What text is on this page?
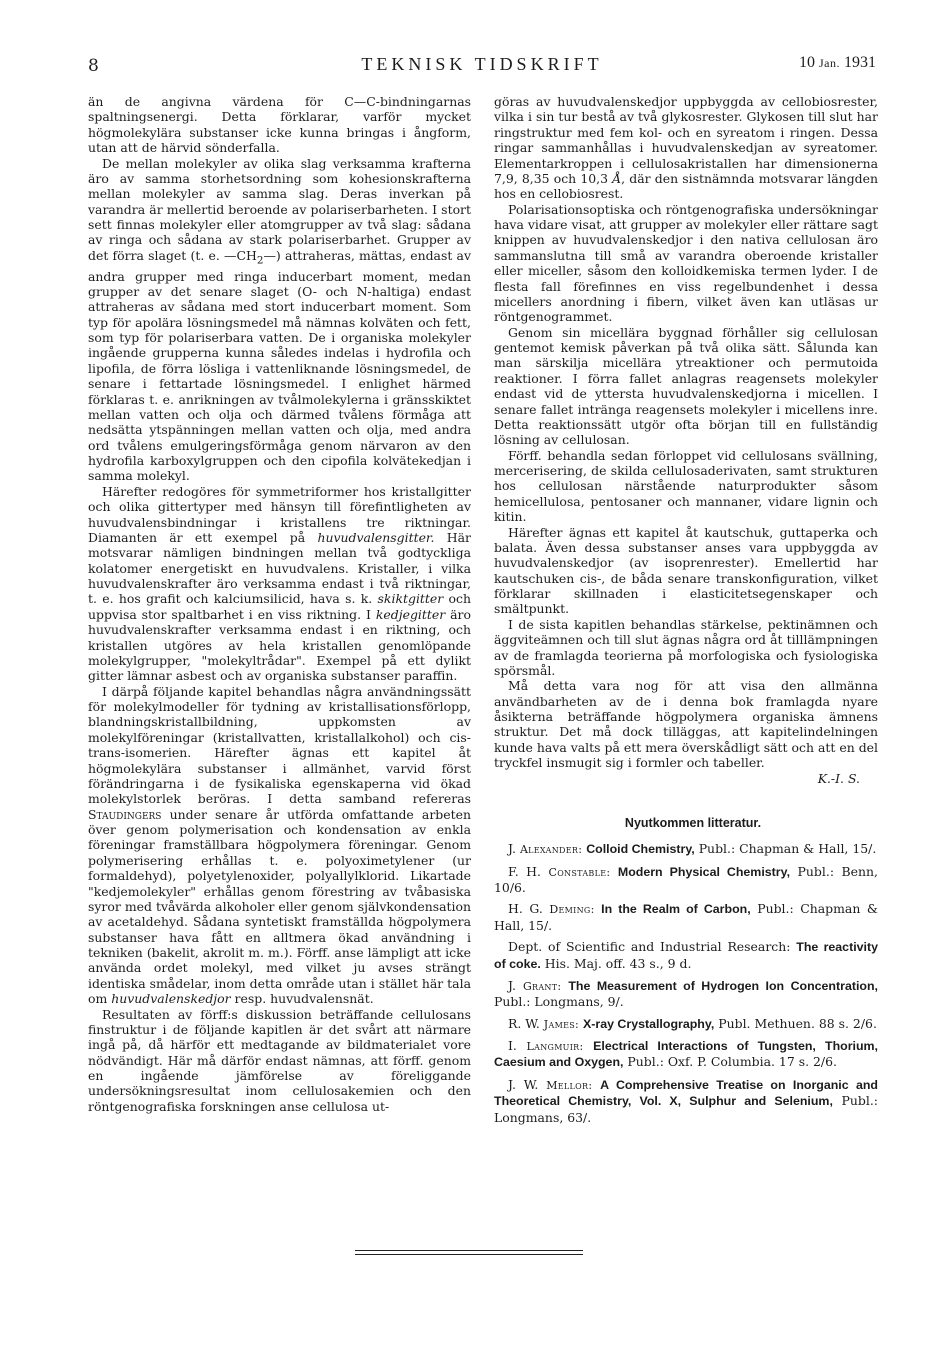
8	TEKNISK TIDSKRIFT	10 Jan. 1931

än de angivna värdena för C—C-bindningarnas spaltningsenergi. Detta förklarar, varför mycket högmolekylära substanser icke kunna bringas i ångform, utan att de härvid sönderfalla.

De mellan molekyler av olika slag verksamma krafterna äro av samma storhetsordning som kohesionskrafterna mellan molekyler av samma slag. Deras inverkan på varandra är mellertid beroende av polariserbarheten. I stort sett finnas molekyler eller atomgrupper av två slag: sådana av ringa och sådana av stark polariserbarhet. Grupper av det förra slaget (t. e. $—CH_2—$) attraheras, mättas, endast av andra grupper med ringa inducerbart moment, medan grupper av det senare slaget (O- och N-haltiga) endast attraheras av sådana med stort inducerbart moment. Som typ för apolära lösningsmedel må nämnas kolväten och fett, som typ för polariserbara vatten. De i organiska molekyler ingående grupperna kunna således indelas i hydrofila och lipofila, de förra lösliga i vattenliknande lösningsmedel, de senare i fettartade lösningsmedel. I enlighet härmed förklaras t. e. anrikningen av tvålmolekylerna i gränsskiktet mellan vatten och olja och därmed tvålens förmåga att nedsätta ytspänningen mellan vatten och olja, med andra ord tvålens emulgeringsförmåga genom närvaron av den hydrofila karboxylgruppen och den cipofila kolvätekedjan i samma molekyl.

Härefter redogöres för symmetriformer hos kristallgitter och olika gittertyper med hänsyn till förefintligheten av huvudvalensbindningar i kristallens tre riktningar. Diamanten är ett exempel på huvudvalensgitter. Här motsvarar nämligen bindningen mellan två godtyckliga kolatomer energetiskt en huvudvalens. Kristaller, i vilka huvudvalenskrafter äro verksamma endast i två riktningar, t. e. hos grafit och kalciumsilicid, hava s. k. skiktgitter och uppvisa stor spaltbarhet i en viss riktning. I kedjegitter äro huvudvalenskrafter verksamma endast i en riktning, och kristallen utgöres av hela kristallen genomlöpande molekylgrupper, "molekyltrådar". Exempel på ett dylikt gitter lämnar asbest och av organiska substanser paraffin.

I därpå följande kapitel behandlas några användningssätt för molekylmodeller för tydning av kristallisationsförlopp, blandningskristallbildning, uppkomsten av molekylföreningar (kristallvatten, kristallalkohol) och cis-trans-isomerien. Härefter ägnas ett kapitel åt högmolekylära substanser i allmänhet, varvid först förändringarna i de fysikaliska egenskaperna vid ökad molekylstorlek beröras. I detta samband refereras Staudingers under senare år utförda omfattande arbeten över genom polymerisation och kondensation av enkla föreningar framställbara högpolymera föreningar. Genom polymerisering erhållas t. e. polyoximetylener (ur formaldehyd), polyetylenoxider, polyallylklorid. Likartade "kedjemolekyler" erhållas genom förestring av tvåbasiska syror med tvåvärda alkoholer eller genom självkondensation av acetaldehyd. Sådana syntetiskt framställda högpolymera substanser hava fått en alltmera ökad användning i tekniken (bakelit, akrolit m. m.). Förff. anse lämpligt att icke använda ordet molekyl, med vilket ju avses strängt identiska smådelar, inom detta område utan i stället här tala om huvudvalenskedjor resp. huvudvalensnät.

Resultaten av förff:s diskussion beträffande cellulosans finstruktur i de följande kapitlen är det svårt att närmare ingå på, då härför ett medtagande av bildmaterialet vore nödvändigt. Här må därför endast nämnas, att förff. genom en ingående jämförelse av föreliggande undersökningsresultat inom cellulosakemien och den röntgenografiska forskningen anse cellulosa ut-

göras av huvudvalenskedjor uppbyggda av cellobiosrester, vilka i sin tur bestå av två glykosrester. Glykosen till slut har ringstruktur med fem kol- och en syreatom i ringen. Dessa ringar sammanhållas i huvudvalenskedjan av syreatomer. Elementarkroppen i cellulosakristallen har dimensionerna 7,9, 8,35 och 10,3 Å, där den sistnämnda motsvarar längden hos en cellobiosrest.

Polarisationsoptiska och röntgenografiska undersökningar hava vidare visat, att grupper av molekyler eller rättare sagt knippen av huvudvalenskedjor i den nativa cellulosan äro sammanslutna till små av varandra oberoende kristaller eller miceller, såsom den kolloidkemiska termen lyder. I de flesta fall förefinnes en viss regelbundenhet i dessa micellers anordning i fibern, vilket även kan utläsas ur röntgenogrammet.

Genom sin micellära byggnad förhåller sig cellulosan gentemot kemisk påverkan på två olika sätt. Sålunda kan man särskilja micellära ytreaktioner och permutoida reaktioner. I förra fallet anlagras reagensets molekyler endast vid de yttersta huvudvalenskedjorna i micellen. I senare fallet intränga reagensets molekyler i micellens inre. Detta reaktionssätt utgör ofta början till en fullständig lösning av cellulosan.

Förff. behandla sedan förloppet vid cellulosans svällning, mercerisering, de skilda cellulosaderivaten, samt strukturen hos cellulosan närstående naturprodukter såsom hemicellulosa, pentosaner och mannaner, vidare lignin och kitin.

Härefter ägnas ett kapitel åt kautschuk, guttaperka och balata. Även dessa substanser anses vara uppbyggda av huvudvalenskedjor (av isoprenrester). Emellertid har kautschuken cis-, de båda senare transkonfiguration, vilket förklarar skillnaden i elasticitetsegenskaper och smältpunkt.

I de sista kapitlen behandlas stärkelse, pektinämnen och äggviteämnen och till slut ägnas några ord åt tilllämpningen av de framlagda teorierna på morfologiska och fysiologiska spörsmål.

Må detta vara nog för att visa den allmänna användbarheten av de i denna bok framlagda nyare åsikterna beträffande högpolymera organiska ämnens struktur. Det må dock tilläggas, att kapitelindelningen kunde hava valts på ett mera överskådligt sätt och att en del tryckfel insmugit sig i formler och tabeller.

K.-I. S.

Nyutkommen litteratur.

J. Alexander: Colloid Chemistry, Publ.: Chapman & Hall, 15/.

F. H. Constable: Modern Physical Chemistry, Publ.: Benn, 10/6.

H. G. Deming: In the Realm of Carbon, Publ.: Chapman & Hall, 15/.

Dept. of Scientific and Industrial Research: The reactivity of coke. His. Maj. off. 43 s., 9 d.

J. Grant: The Measurement of Hydrogen Ion Concentration, Publ.: Longmans, 9/.

R. W. James: X-ray Crystallography, Publ. Methuen. 88 s. 2/6.

I. Langmuir: Electrical Interactions of Tungsten, Thorium, Caesium and Oxygen, Publ.: Oxf. P. Columbia. 17 s. 2/6.

J. W. Mellor: A Comprehensive Treatise on Inorganic and Theoretical Chemistry, Vol. X, Sulphur and Selenium, Publ.: Longmans, 63/.
